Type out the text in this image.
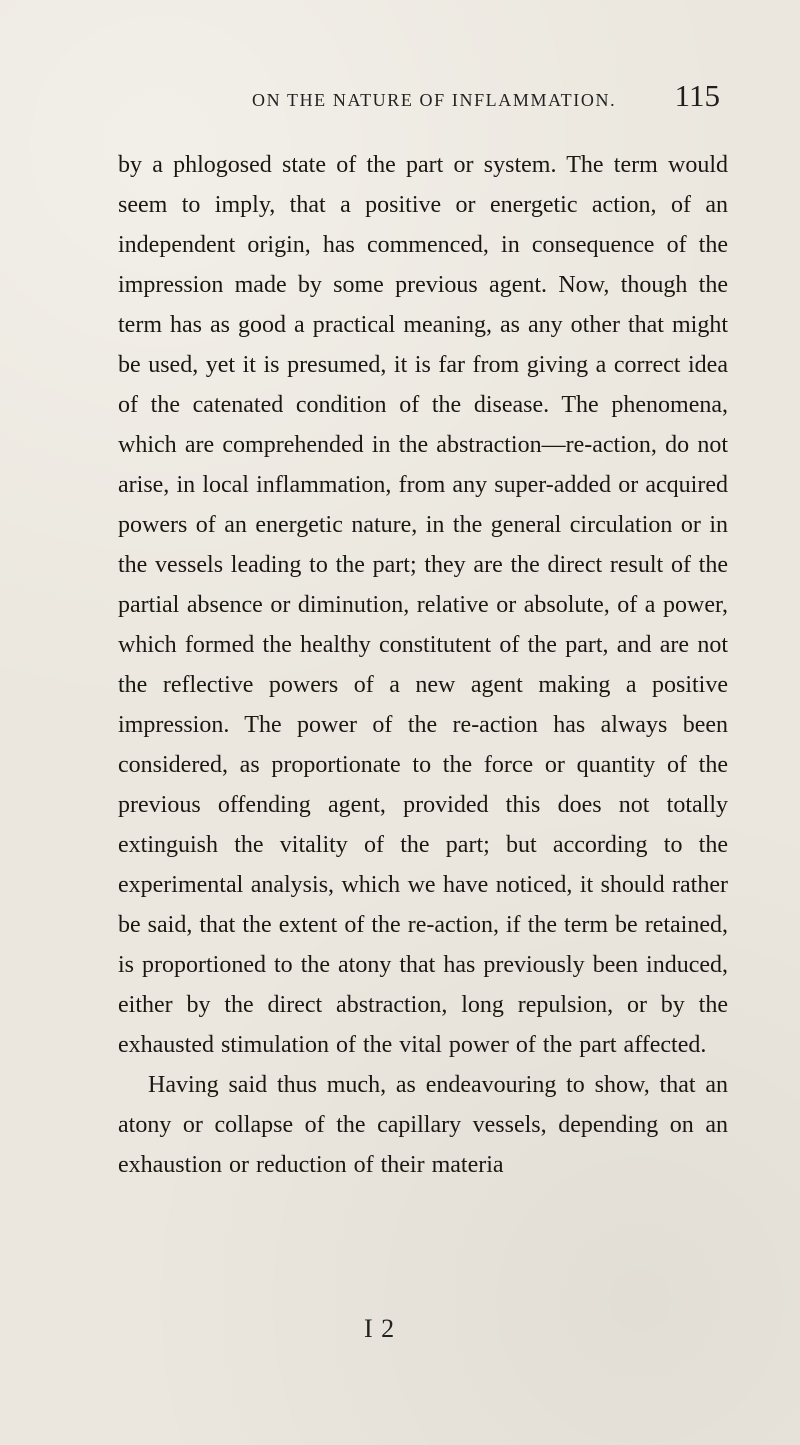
ON THE NATURE OF INFLAMMATION. 115

by a phlogosed state of the part or system. The term would seem to imply, that a positive or energetic action, of an independent origin, has commenced, in consequence of the impression made by some previous agent. Now, though the term has as good a practical meaning, as any other that might be used, yet it is presumed, it is far from giving a correct idea of the catenated condition of the disease. The phenomena, which are comprehended in the abstraction—re-action, do not arise, in local inflammation, from any super-added or acquired powers of an energetic nature, in the general circulation or in the vessels leading to the part; they are the direct result of the partial absence or diminution, relative or absolute, of a power, which formed the healthy constitutent of the part, and are not the reflective powers of a new agent making a positive impression. The power of the re-action has always been considered, as proportionate to the force or quantity of the previous offending agent, provided this does not totally extinguish the vitality of the part; but according to the experimental analysis, which we have noticed, it should rather be said, that the extent of the re-action, if the term be retained, is proportioned to the atony that has previously been induced, either by the direct abstraction, long repulsion, or by the exhausted stimulation of the vital power of the part affected.

Having said thus much, as endeavouring to show, that an atony or collapse of the capillary vessels, depending on an exhaustion or reduction of their materia

I 2
